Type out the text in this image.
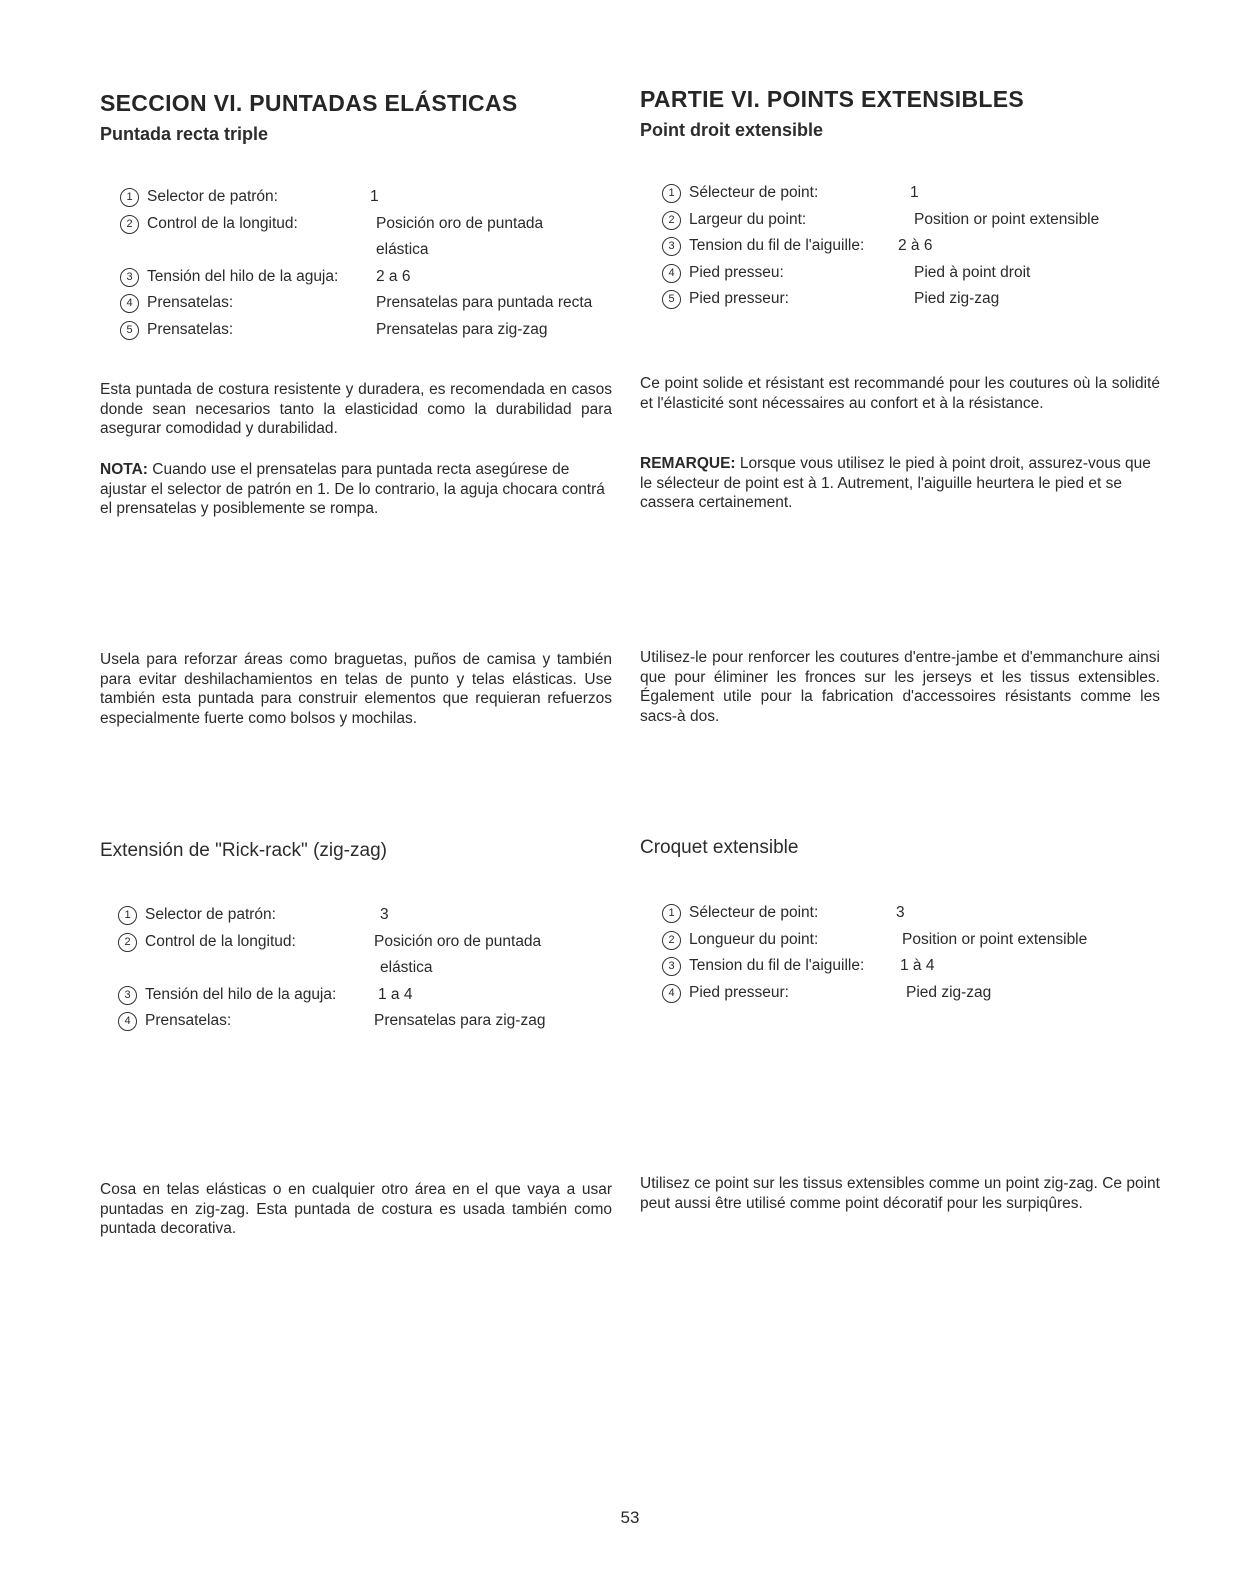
SECCION VI. PUNTADAS ELÁSTICAS
Puntada recta triple
1 Selector de patrón:	1
2 Control de la longitud:	Posición oro de puntada
elástica
3 Tensión del hilo de la aguja: 2 a 6
4 Prensatelas:	Prensatelas para puntada recta
5 Prensatelas:	Prensatelas para zig-zag
Esta puntada de costura resistente y duradera, es recomendada en casos donde sean necesarios tanto la elasticidad como la durabilidad para asegurar comodidad y durabilidad.
NOTA: Cuando use el prensatelas para puntada recta asegúrese de ajustar el selector de patrón en 1. De lo contrario, la aguja chocara contrá el prensatelas y posiblemente se rompa.
Usela para reforzar áreas como braguetas, puños de camisa y también para evitar deshilachamientos en telas de punto y telas elásticas. Use también esta puntada para construir elementos que requieran refuerzos especialmente fuerte como bolsos y mochilas.
Extensión de "Rick-rack" (zig-zag)
1 Selector de patrón:	3
2 Control de la longitud:	Posición oro de puntada
elástica
3 Tensión del hilo de la aguja:	1 a 4
4 Prensatelas:	Prensatelas para zig-zag
Cosa en telas elásticas o en cualquier otro área en el que vaya a usar puntadas en zig-zag. Esta puntada de costura es usada también como puntada decorativa.
PARTIE VI. POINTS EXTENSIBLES
Point droit extensible
1 Sélecteur de point:	1
2 Largeur du point:	Position or point extensible
3 Tension du fil de l'aiguille: 2 à 6
4 Pied presseu:	Pied à point droit
5 Pied presseur:	Pied zig-zag
Ce point solide et résistant est recommandé pour les coutures où la solidité et l'élasticité sont nécessaires au confort et à la résistance.
REMARQUE: Lorsque vous utilisez le pied à point droit, assurez-vous que le sélecteur de point est à 1. Autrement, l'aiguille heurtera le pied et se cassera certainement.
Utilisez-le pour renforcer les coutures d'entre-jambe et d'emmanchure ainsi que pour éliminer les fronces sur les jerseys et les tissus extensibles. Également utile pour la fabrication d'accessoires résistants comme les sacs-à dos.
Croquet extensible
1 Sélecteur de point:	3
2 Longueur du point:	Position or point extensible
3 Tension du fil de l'aiguille: 1 à 4
4 Pied presseur:	Pied zig-zag
Utilisez ce point sur les tissus extensibles comme un point zig-zag. Ce point peut aussi être utilisé comme point décoratif pour les surpiqûres.
53
